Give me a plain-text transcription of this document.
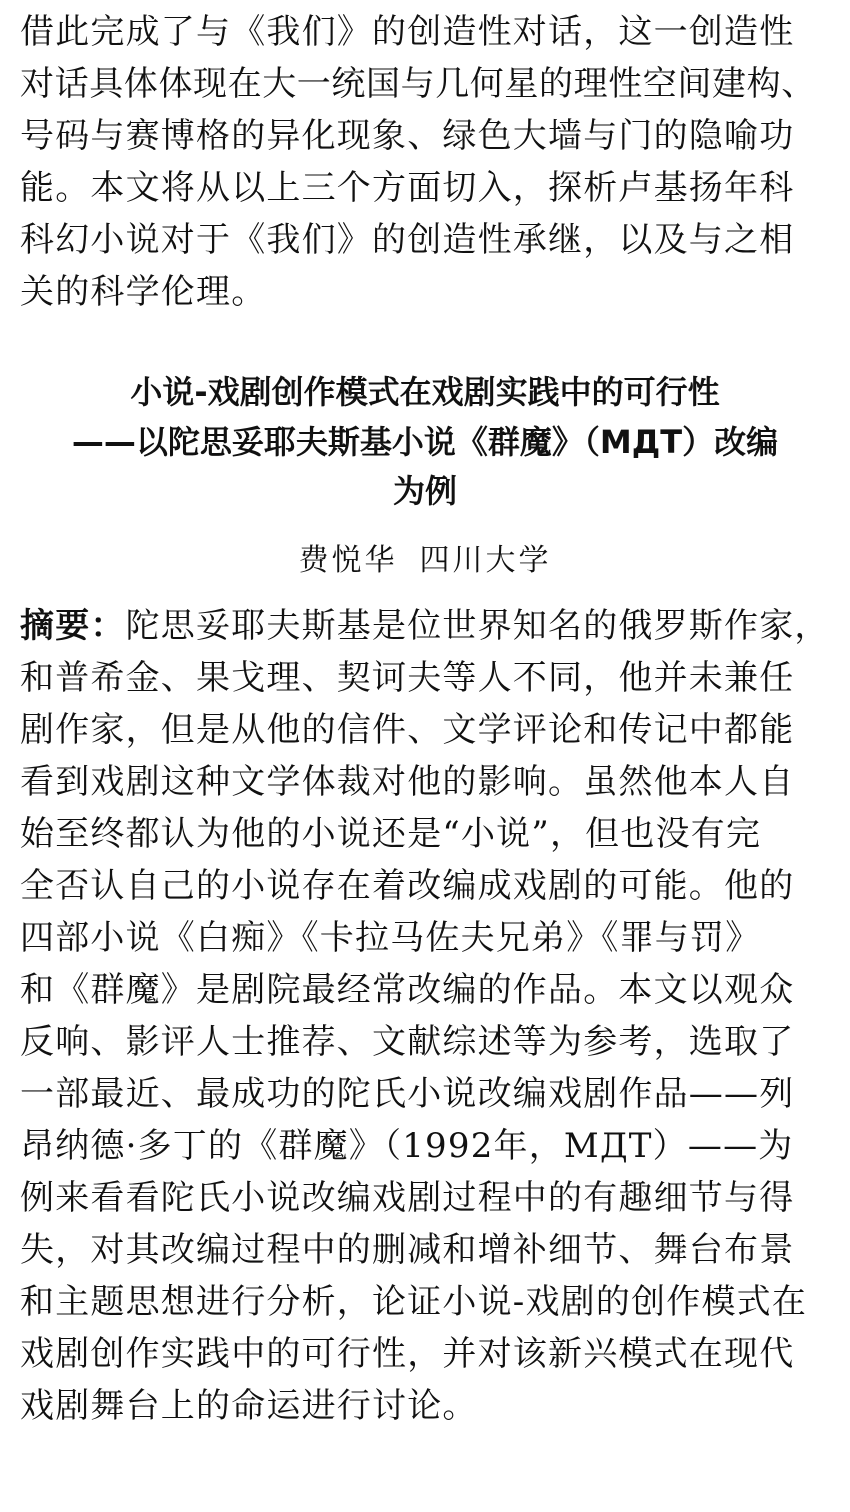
借此完成了与《我们》的创造性对话，这一创造性
对话具体体现在大一统国与几何星的理性空间建构、
号码与赛博格的异化现象、绿色大墙与门的隐喻功
能。本文将从以上三个方面切入，探析卢基扬年科
科幻小说对于《我们》的创造性承继，以及与之相
关的科学伦理。
小说-戏剧创作模式在戏剧实践中的可行性
——以陀思妥耶夫斯基小说《群魔》（MДТ）改编
为例
费悦华 四川大学
摘要：陀思妥耶夫斯基是位世界知名的俄罗斯作家，
和普希金、果戈理、契诃夫等人不同，他并未兼任
剧作家，但是从他的信件、文学评论和传记中都能
看到戏剧这种文学体裁对他的影响。虽然他本人自
始至终都认为他的小说还是“小说”，但也没有完
全否认自己的小说存在着改编成戏剧的可能。他的
四部小说《白痴》《卡拉马佐夫兄弟》《罪与罚》
和《群魔》是剧院最经常改编的作品。本文以观众
反响、影评人士推荐、文献综述等为参考，选取了
一部最近、最成功的陀氏小说改编戏剧作品——列
昂纳德·多丁的《群魔》（1992年，MДТ）——为
例来看看陀氏小说改编戏剧过程中的有趣细节与得
失，对其改编过程中的删减和增补细节、舞台布景
和主题思想进行分析，论证小说-戏剧的创作模式在
戏剧创作实践中的可行性，并对该新兴模式在现代
戏剧舞台上的命运进行讨论。
